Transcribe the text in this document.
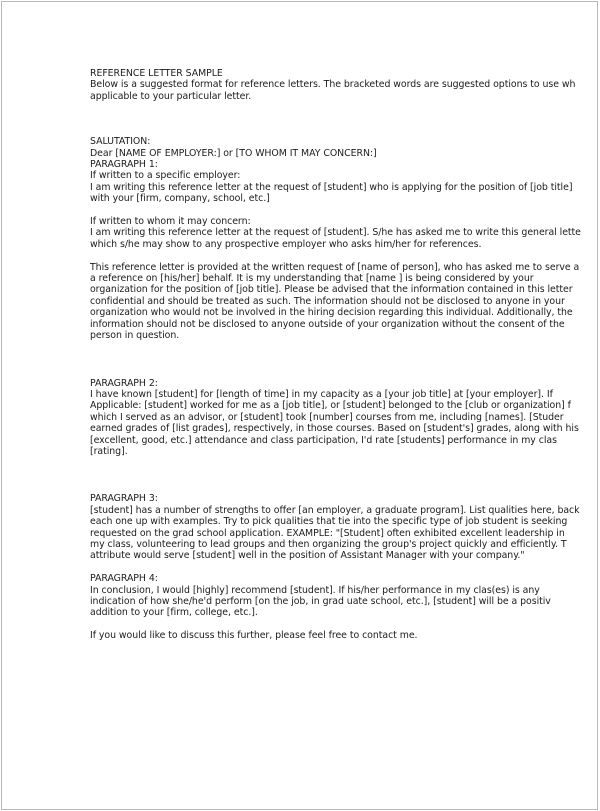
REFERENCE LETTER SAMPLE

Below is a suggested format for reference letters. The bracketed words are suggested options to use wh

applicable to your particular letter.

SALUTATION:

Dear [NAME OF EMPLOYER:] or [TO WHOM IT MAY CONCERN:]

PARAGRAPH 1:

If written to a specific employer:

I am writing this reference letter at the request of [student] who is applying for the position of [job title]

with your [firm, company, school, etc.]

If written to whom it may concern:

I am writing this reference letter at the request of [student]. S/he has asked me to write this general lette

which s/he may show to any prospective employer who asks him/her for references.

This reference letter is provided at the written request of [name of person], who has asked me to serve a

a reference on [his/her] behalf. It is my understanding that [name ] is being considered by your

organization for the position of [job title]. Please be advised that the information contained in this letter

confidential and should be treated as such. The information should not be disclosed to anyone in your

organization who would not be involved in the hiring decision regarding this individual. Additionally, the

information should not be disclosed to anyone outside of your organization without the consent of the

person in question.

PARAGRAPH 2:

I have known [student] for [length of time] in my capacity as a [your job title] at [your employer]. If

Applicable: [student] worked for me as a [job title], or [student] belonged to the [club or organization] f

which I served as an advisor, or [student] took [number] courses from me, including [names]. [Studer

earned grades of [list grades], respectively, in those courses. Based on [student's] grades, along with his

[excellent, good, etc.] attendance and class participation, I'd rate [students] performance in my clas

[rating].

PARAGRAPH 3:

[student] has a number of strengths to offer [an employer, a graduate program]. List qualities here, back

each one up with examples. Try to pick qualities that tie into the specific type of job student is seeking

requested on the grad school application. EXAMPLE: "[Student] often exhibited excellent leadership in

my class, volunteering to lead groups and then organizing the group's project quickly and efficiently. T

attribute would serve [student] well in the position of Assistant Manager with your company."

PARAGRAPH 4:

In conclusion, I would [highly] recommend [student]. If his/her performance in my clas(es) is any

indication of how she/he'd perform [on the job, in grad uate school, etc.], [student] will be a positiv

addition to your [firm, college, etc.].

If you would like to discuss this further, please feel free to contact me.
